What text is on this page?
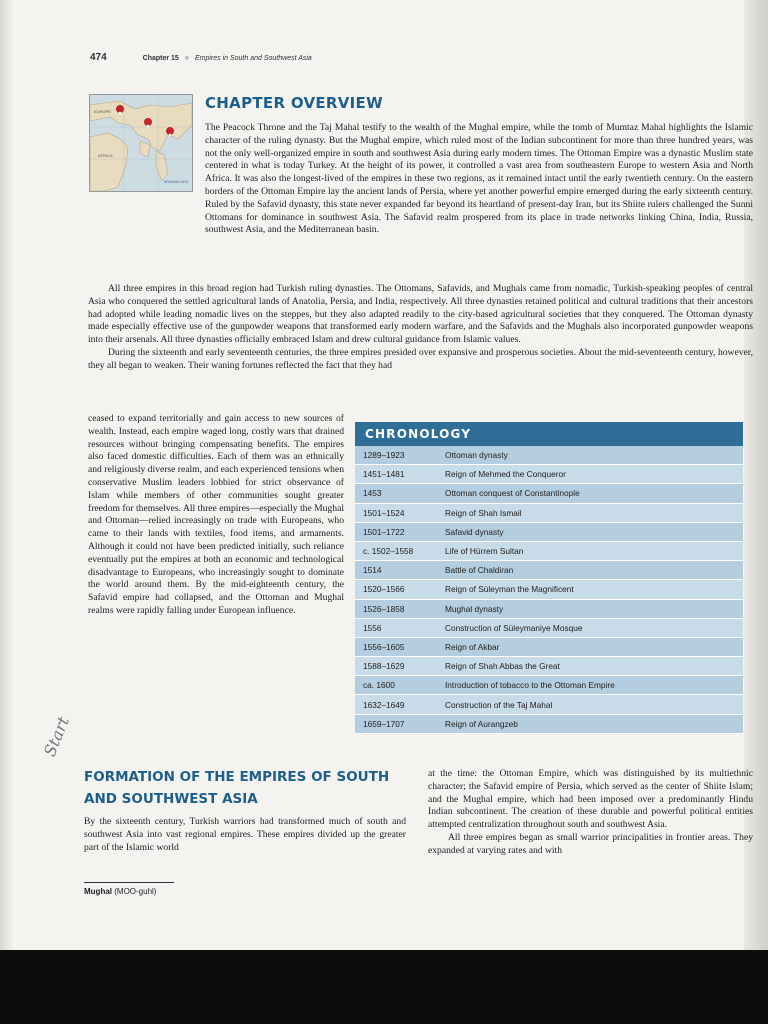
474	Chapter 15 ■ Empires in South and Southwest Asia
EUROPE
AFRICA
ARABIAN SEA
CHAPTER OVERVIEW

The Peacock Throne and the Taj Mahal testify to the wealth of the Mughal empire, while the tomb of Mumtaz Mahal highlights the Islamic character of the ruling dynasty. But the Mughal empire, which ruled most of the Indian subcontinent for more than three hundred years, was not the only well-organized empire in south and southwest Asia during early modern times. The Ottoman Empire was a dynastic Muslim state centered in what is today Turkey. At the height of its power, it controlled a vast area from southeastern Europe to western Asia and North Africa. It was also the longest-lived of the empires in these two regions, as it remained intact until the early twentieth century. On the eastern borders of the Ottoman Empire lay the ancient lands of Persia, where yet another powerful empire emerged during the early sixteenth century. Ruled by the Safavid dynasty, this state never expanded far beyond its heartland of present-day Iran, but its Shiite rulers challenged the Sunni Ottomans for dominance in southwest Asia. The Safavid realm prospered from its place in trade networks linking China, India, Russia, southwest Asia, and the Mediterranean basin.

All three empires in this broad region had Turkish ruling dynasties. The Ottomans, Safavids, and Mughals came from nomadic, Turkish-speaking peoples of central Asia who conquered the settled agricultural lands of Anatolia, Persia, and India, respectively. All three dynasties retained political and cultural traditions that their ancestors had adopted while leading nomadic lives on the steppes, but they also adapted readily to the city-based agricultural societies that they conquered. The Ottoman dynasty made especially effective use of the gunpowder weapons that transformed early modern warfare, and the Safavids and the Mughals also incorporated gunpowder weapons into their arsenals. All three dynasties officially embraced Islam and drew cultural guidance from Islamic values.

During the sixteenth and early seventeenth centuries, the three empires presided over expansive and prosperous societies. About the mid-seventeenth century, however, they all began to weaken. Their waning fortunes reflected the fact that they had

ceased to expand territorially and gain access to new sources of wealth. Instead, each empire waged long, costly wars that drained resources without bringing compensating benefits. The empires also faced domestic difficulties. Each of them was an ethnically and religiously diverse realm, and each experienced tensions when conservative Muslim leaders lobbied for strict observance of Islam while members of other communities sought greater freedom for themselves. All three empires—especially the Mughal and Ottoman—relied increasingly on trade with Europeans, who came to their lands with textiles, food items, and armaments. Although it could not have been predicted initially, such reliance eventually put the empires at both an economic and technological disadvantage to Europeans, who increasingly sought to dominate the world around them. By the mid-eighteenth century, the Safavid empire had collapsed, and the Ottoman and Mughal realms were rapidly falling under European influence.

CHRONOLOGY
1289–1923	Ottoman dynasty
1451–1481	Reign of Mehmed the Conqueror
1453	Ottoman conquest of Constantinople
1501–1524	Reign of Shah Ismail
1501–1722	Safavid dynasty
c. 1502–1558	Life of Hürrem Sultan
1514	Battle of Chaldiran
1520–1566	Reign of Süleyman the Magnificent
1526–1858	Mughal dynasty
1556	Construction of Süleymaniye Mosque
1556–1605	Reign of Akbar
1588–1629	Reign of Shah Abbas the Great
ca. 1600	Introduction of tobacco to the Ottoman Empire
1632–1649	Construction of the Taj Mahal
1659–1707	Reign of Aurangzeb
Start
FORMATION OF THE EMPIRES OF SOUTH
AND SOUTHWEST ASIA

By the sixteenth century, Turkish warriors had transformed much of south and southwest Asia into vast regional empires. These empires divided up the greater part of the Islamic world

at the time: the Ottoman Empire, which was distinguished by its multiethnic character; the Safavid empire of Persia, which served as the center of Shiite Islam; and the Mughal empire, which had been imposed over a predominantly Hindu Indian subcontinent. The creation of these durable and powerful political entities attempted centralization throughout south and southwest Asia.

All three empires began as small warrior principalities in frontier areas. They expanded at varying rates and with

Mughal (MOO-guhl)
